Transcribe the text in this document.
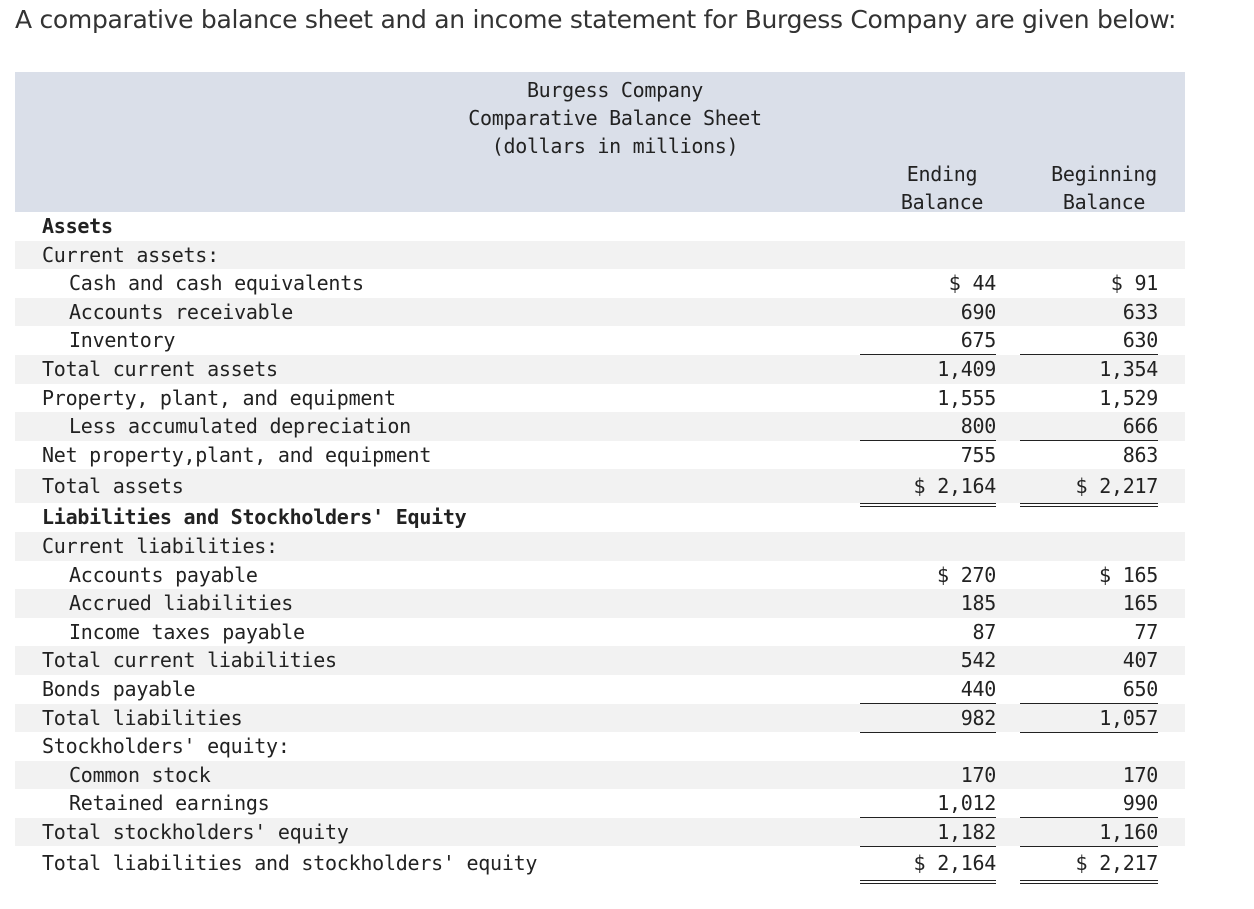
A comparative balance sheet and an income statement for Burgess Company are given below:

Burgess Company
Comparative Balance Sheet
(dollars in millions)
Ending
Balance
Beginning
Balance
Assets
Current assets:
Cash and cash equivalents	$ 44	$ 91
Accounts receivable	690	633
Inventory	675	630
Total current assets	1,409	1,354
Property, plant, and equipment	1,555	1,529
Less accumulated depreciation	800	666
Net property,plant, and equipment	755	863
Total assets	$ 2,164	$ 2,217
Liabilities and Stockholders' Equity
Current liabilities:
Accounts payable	$ 270	$ 165
Accrued liabilities	185	165
Income taxes payable	87	77
Total current liabilities	542	407
Bonds payable	440	650
Total liabilities	982	1,057
Stockholders' equity:
Common stock	170	170
Retained earnings	1,012	990
Total stockholders' equity	1,182	1,160
Total liabilities and stockholders' equity	$ 2,164	$ 2,217
